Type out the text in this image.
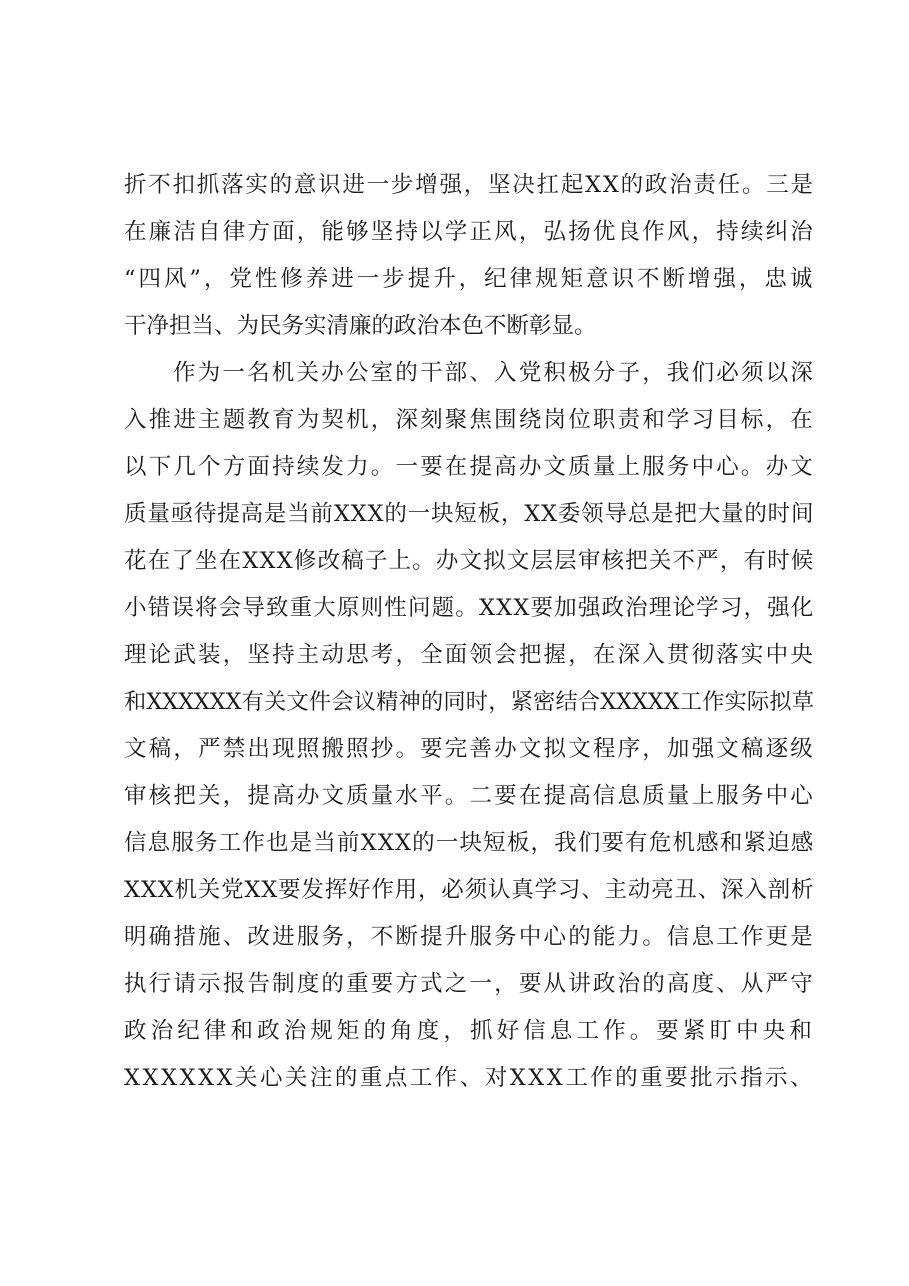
折不扣抓落实的意识进一步增强，坚决扛起XX的政治责任。三是
在廉洁自律方面，能够坚持以学正风，弘扬优良作风，持续纠治
“四风”，党性修养进一步提升，纪律规矩意识不断增强，忠诚
干净担当、为民务实清廉的政治本色不断彰显。
作为一名机关办公室的干部、入党积极分子，我们必须以深
入推进主题教育为契机，深刻聚焦围绕岗位职责和学习目标，在
以下几个方面持续发力。一要在提高办文质量上服务中心。办文
质量亟待提高是当前XXX的一块短板，XX委领导总是把大量的时间
花在了坐在XXX修改稿子上。办文拟文层层审核把关不严，有时候
小错误将会导致重大原则性问题。XXX要加强政治理论学习，强化
理论武装，坚持主动思考，全面领会把握，在深入贯彻落实中央
和XXXXXX有关文件会议精神的同时，紧密结合XXXXX工作实际拟草
文稿，严禁出现照搬照抄。要完善办文拟文程序，加强文稿逐级
审核把关，提高办文质量水平。二要在提高信息质量上服务中心
信息服务工作也是当前XXX的一块短板，我们要有危机感和紧迫感
XXX机关党XX要发挥好作用，必须认真学习、主动亮丑、深入剖析
明确措施、改进服务，不断提升服务中心的能力。信息工作更是
执行请示报告制度的重要方式之一，要从讲政治的高度、从严守
政治纪律和政治规矩的角度，抓好信息工作。要紧盯中央和
XXXXXX关心关注的重点工作、对XXX工作的重要批示指示、
